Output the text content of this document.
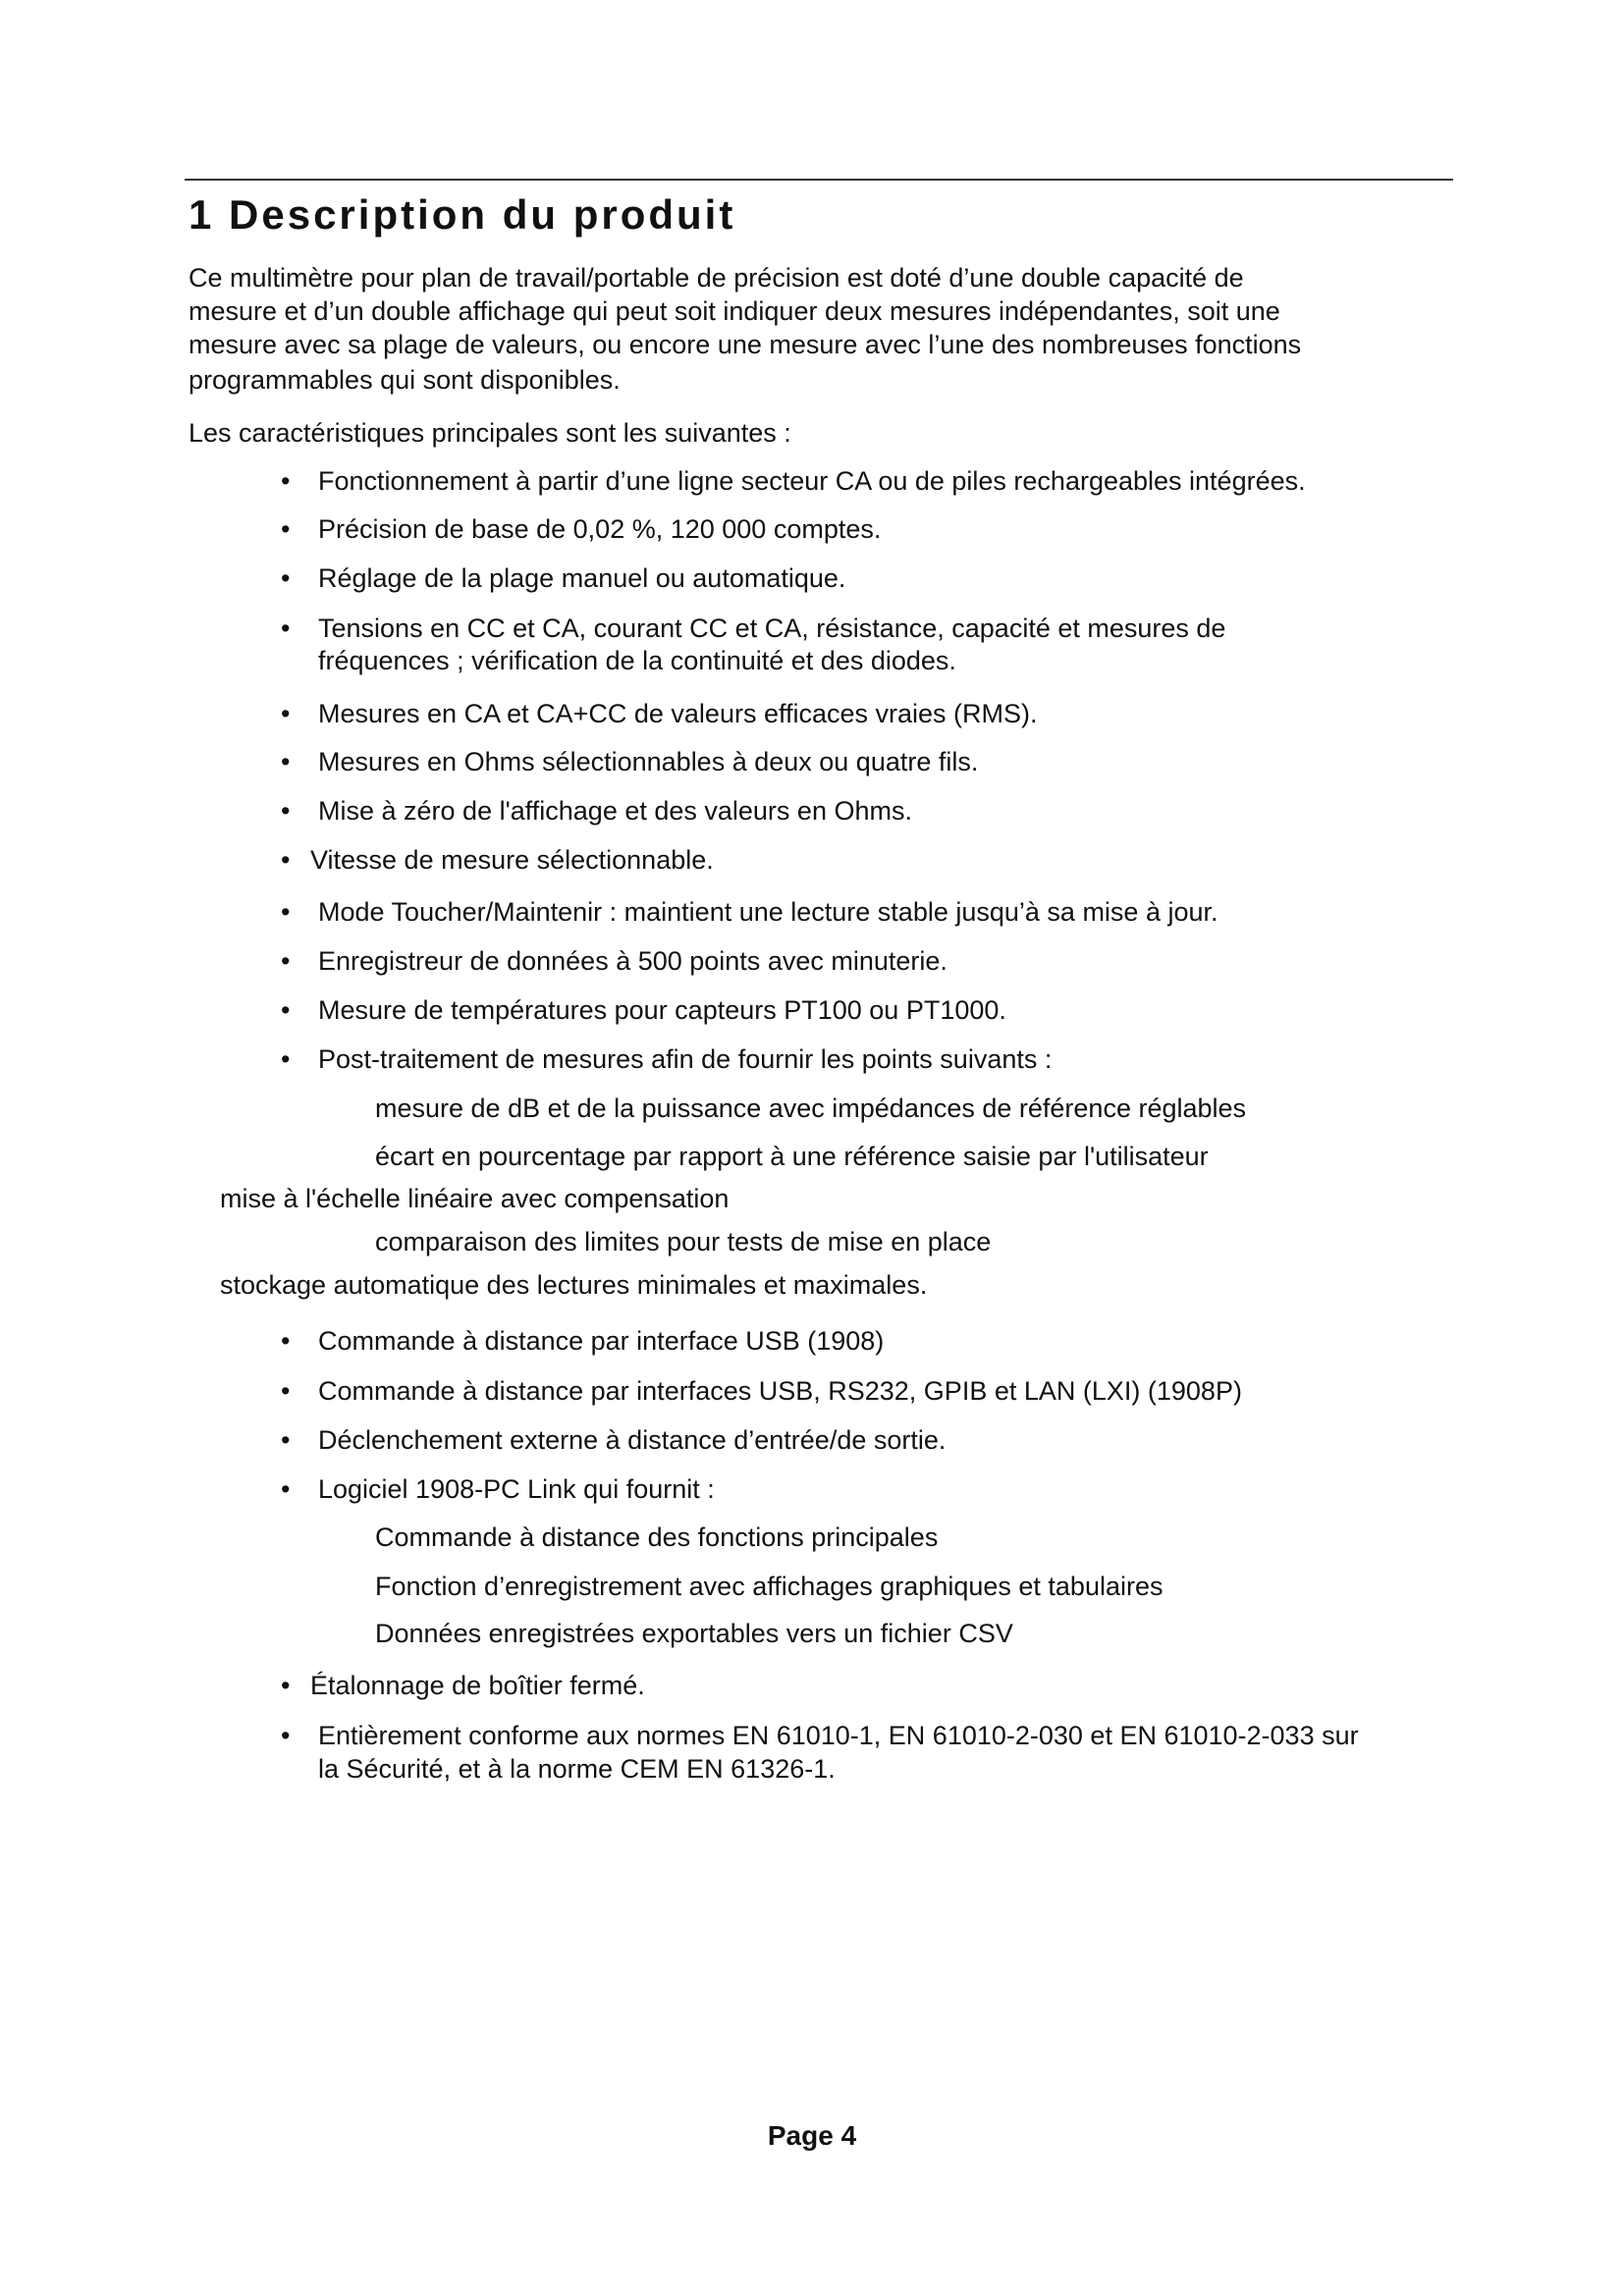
1 Description du produit

Ce multimètre pour plan de travail/portable de précision est doté d’une double capacité de

mesure et d’un double affichage qui peut soit indiquer deux mesures indépendantes, soit une

mesure avec sa plage de valeurs, ou encore une mesure avec l’une des nombreuses fonctions

programmables qui sont disponibles.

Les caractéristiques principales sont les suivantes :

• Fonctionnement à partir d’une ligne secteur CA ou de piles rechargeables intégrées.

• Précision de base de 0,02 %, 120 000 comptes.

• Réglage de la plage manuel ou automatique.

• Tensions en CC et CA, courant CC et CA, résistance, capacité et mesures de

fréquences ; vérification de la continuité et des diodes.

• Mesures en CA et CA+CC de valeurs efficaces vraies (RMS).

• Mesures en Ohms sélectionnables à deux ou quatre fils.

• Mise à zéro de l'affichage et des valeurs en Ohms.

• Vitesse de mesure sélectionnable.

• Mode Toucher/Maintenir : maintient une lecture stable jusqu’à sa mise à jour.

• Enregistreur de données à 500 points avec minuterie.

• Mesure de températures pour capteurs PT100 ou PT1000.

• Post-traitement de mesures afin de fournir les points suivants :

mesure de dB et de la puissance avec impédances de référence réglables

écart en pourcentage par rapport à une référence saisie par l'utilisateur

mise à l'échelle linéaire avec compensation

comparaison des limites pour tests de mise en place

stockage automatique des lectures minimales et maximales.

• Commande à distance par interface USB (1908)

• Commande à distance par interfaces USB, RS232, GPIB et LAN (LXI) (1908P)

• Déclenchement externe à distance d’entrée/de sortie.

• Logiciel 1908-PC Link qui fournit :

Commande à distance des fonctions principales

Fonction d’enregistrement avec affichages graphiques et tabulaires

Données enregistrées exportables vers un fichier CSV

• Étalonnage de boîtier fermé.

• Entièrement conforme aux normes EN 61010-1, EN 61010-2-030 et EN 61010-2-033 sur

la Sécurité, et à la norme CEM EN 61326-1.

Page 4
